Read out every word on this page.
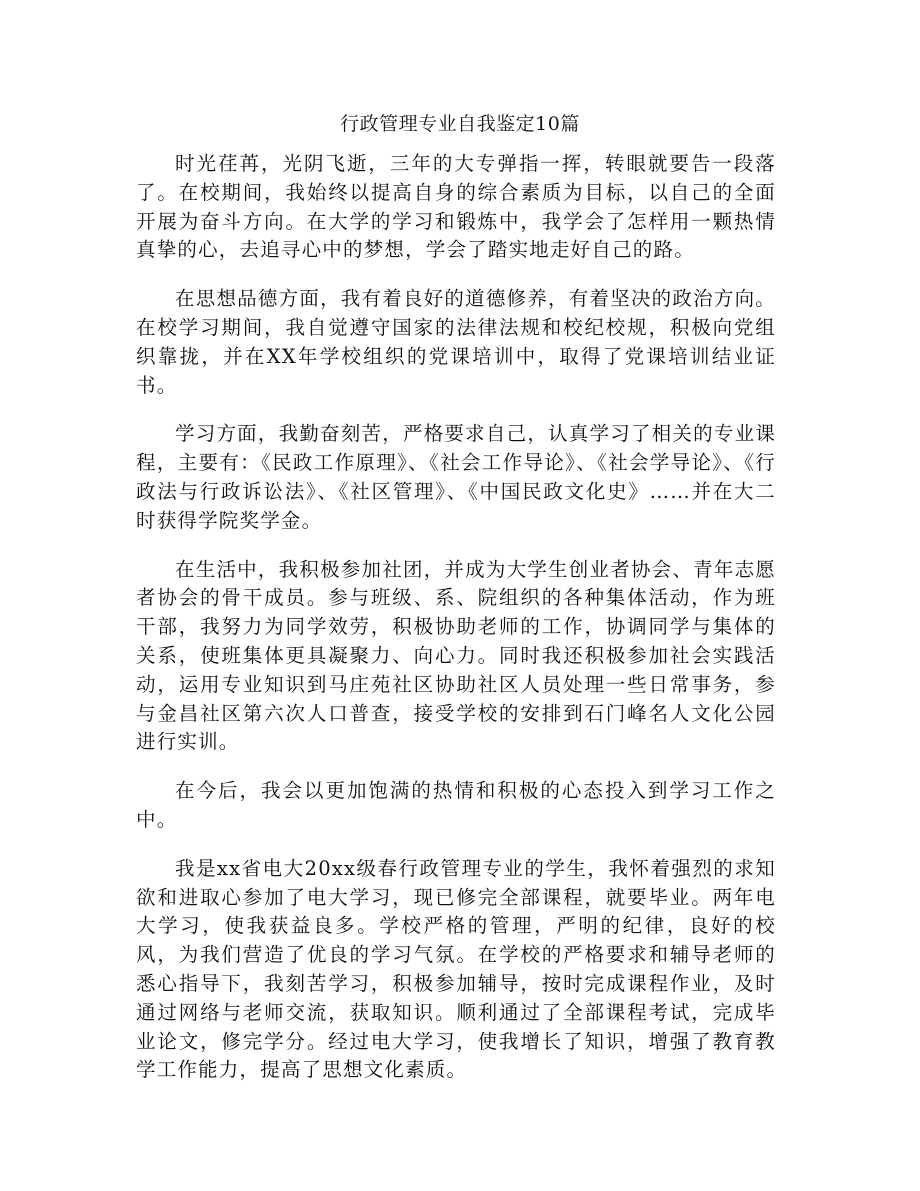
行政管理专业自我鉴定10篇

时光荏苒，光阴飞逝，三年的大专弹指一挥，转眼就要告一段落了。在校期间，我始终以提高自身的综合素质为目标，以自己的全面开展为奋斗方向。在大学的学习和锻炼中，我学会了怎样用一颗热情真挚的心，去追寻心中的梦想，学会了踏实地走好自己的路。

在思想品德方面，我有着良好的道德修养，有着坚决的政治方向。在校学习期间，我自觉遵守国家的法律法规和校纪校规，积极向党组织靠拢，并在XX年学校组织的党课培训中，取得了党课培训结业证书。

学习方面，我勤奋刻苦，严格要求自己，认真学习了相关的专业课程，主要有：《民政工作原理》、《社会工作导论》、《社会学导论》、《行政法与行政诉讼法》、《社区管理》、《中国民政文化史》……并在大二时获得学院奖学金。

在生活中，我积极参加社团，并成为大学生创业者协会、青年志愿者协会的骨干成员。参与班级、系、院组织的各种集体活动，作为班干部，我努力为同学效劳，积极协助老师的工作，协调同学与集体的关系，使班集体更具凝聚力、向心力。同时我还积极参加社会实践活动，运用专业知识到马庄苑社区协助社区人员处理一些日常事务，参与金昌社区第六次人口普查，接受学校的安排到石门峰名人文化公园进行实训。

在今后，我会以更加饱满的热情和积极的心态投入到学习工作之中。

我是xx省电大20xx级春行政管理专业的学生，我怀着强烈的求知欲和进取心参加了电大学习，现已修完全部课程，就要毕业。两年电大学习，使我获益良多。学校严格的管理，严明的纪律，良好的校风，为我们营造了优良的学习气氛。在学校的严格要求和辅导老师的悉心指导下，我刻苦学习，积极参加辅导，按时完成课程作业，及时通过网络与老师交流，获取知识。顺利通过了全部课程考试，完成毕业论文，修完学分。经过电大学习，使我增长了知识，增强了教育教学工作能力，提高了思想文化素质。
